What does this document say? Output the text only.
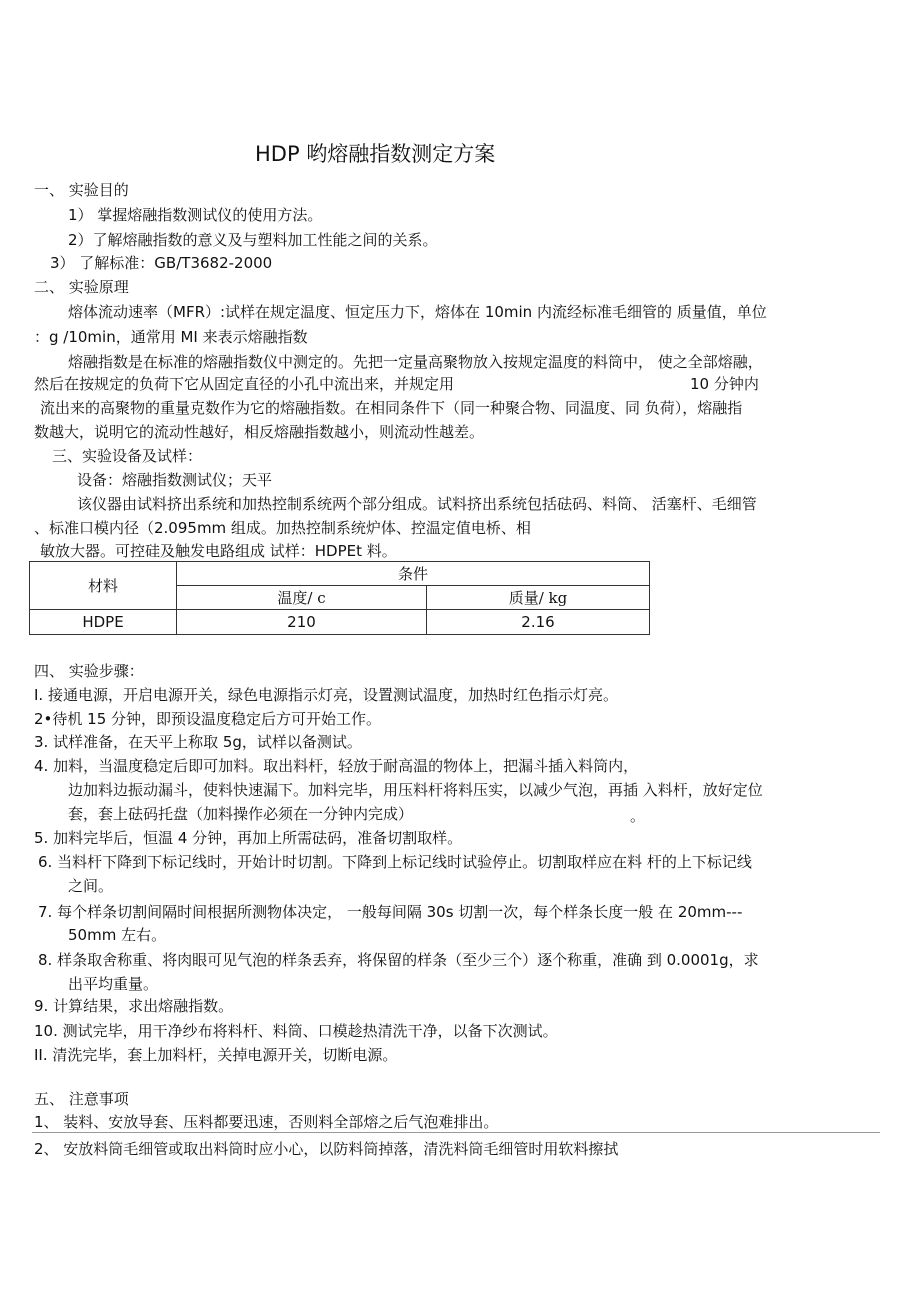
HDP 哟熔融指数测定方案
一、 实验目的
1） 掌握熔融指数测试仪的使用方法。
2）了解熔融指数的意义及与塑料加工性能之间的关系。
3） 了解标准：GB/T3682-2000
二、 实验原理
熔体流动速率（MFR）:试样在规定温度、恒定压力下，熔体在 10min 内流经标准毛细管的 质量值，单位
：g /10min，通常用 MI 来表示熔融指数
熔融指数是在标准的熔融指数仪中测定的。先把一定量高聚物放入按规定温度的料筒中， 使之全部熔融，
然后在按规定的负荷下它从固定直径的小孔中流出来，并规定用	10 分钟内
流出来的高聚物的重量克数作为它的熔融指数。在相同条件下（同一种聚合物、同温度、同 负荷），熔融指
数越大，说明它的流动性越好，相反熔融指数越小，则流动性越差。
三、实验设备及试样：
设备：熔融指数测试仪；天平
该仪器由试料挤出系统和加热控制系统两个部分组成。试料挤出系统包括砝码、料筒、 活塞杆、毛细管
、标准口模内径（2.095mm 组成。加热控制系统炉体、控温定值电桥、相
敏放大器。可控硅及触发电路组成 试样：HDPEt 料。
材料	条件	
	温度/ c	质量/ kg
HDPE	210	2.16
四、 实验步骤：
I. 接通电源，开启电源开关，绿色电源指示灯亮，设置测试温度，加热时红色指示灯亮。
2•待机 15 分钟，即预设温度稳定后方可开始工作。
3. 试样准备，在天平上称取 5g，试样以备测试。
4. 加料，当温度稳定后即可加料。取出料杆，轻放于耐高温的物体上，把漏斗插入料筒内，
边加料边振动漏斗，使料快速漏下。加料完毕，用压料杆将料压实，以减少气泡，再插 入料杆，放好定位
套，套上砝码托盘（加料操作必须在一分钟内完成）	。
5. 加料完毕后，恒温 4 分钟，再加上所需砝码，准备切割取样。
6. 当料杆下降到下标记线时，开始计时切割。下降到上标记线时试验停止。切割取样应在料 杆的上下标记线
之间。
7. 每个样条切割间隔时间根据所测物体决定， 一般每间隔 30s 切割一次，每个样条长度一般 在 20mm---
50mm 左右。
8. 样条取舍称重、将肉眼可见气泡的样条丢弃，将保留的样条（至少三个）逐个称重，准确 到 0.0001g，求
出平均重量。
9. 计算结果，求出熔融指数。
10. 测试完毕，用干净纱布将料杆、料筒、口模趁热清洗干净，以备下次测试。
II. 清洗完毕，套上加料杆，关掉电源开关，切断电源。
五、 注意事项
1、 装料、安放导套、压料都要迅速，否则料全部熔之后气泡难排出。
2、 安放料筒毛细管或取出料筒时应小心，以防料筒掉落，清洗料筒毛细管时用软料擦拭
